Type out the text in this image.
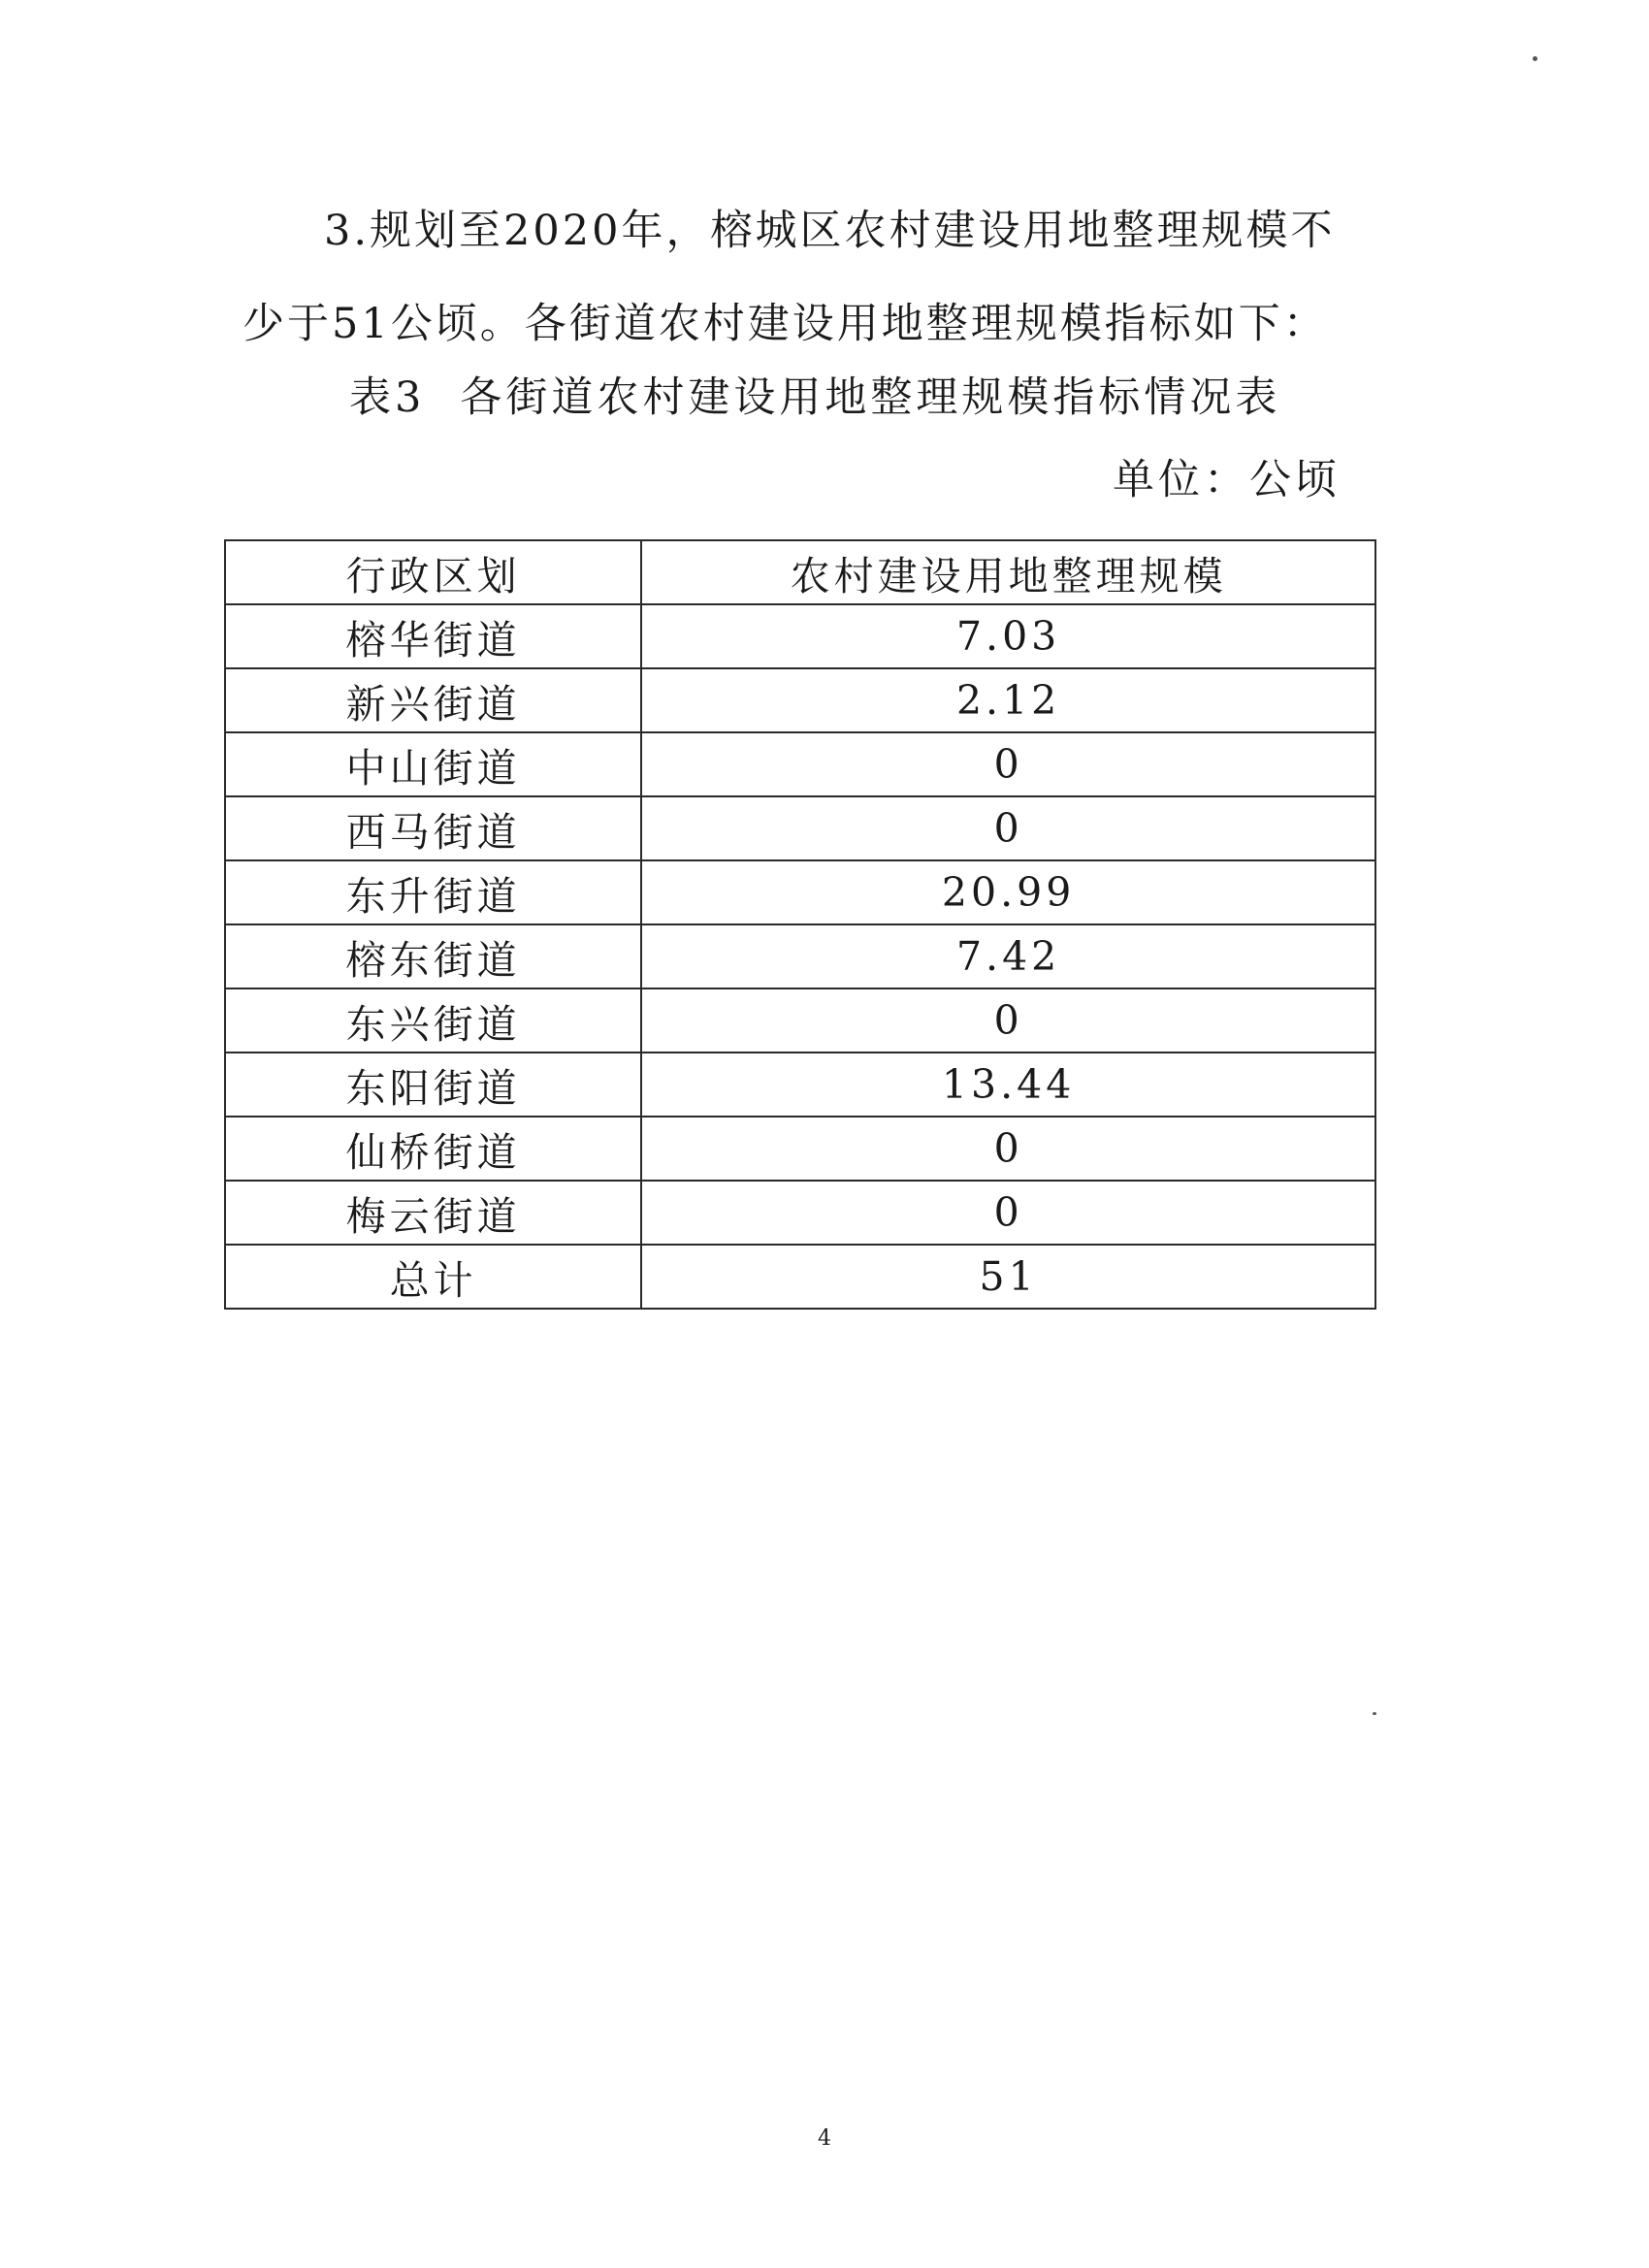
3.规划至2020年，榕城区农村建设用地整理规模不少于51公顷。各街道农村建设用地整理规模指标如下：

表3 各街道农村建设用地整理规模指标情况表

单位：公顷

行政区划	农村建设用地整理规模
榕华街道	7.03
新兴街道	2.12
中山街道	0
西马街道	0
东升街道	20.99
榕东街道	7.42
东兴街道	0
东阳街道	13.44
仙桥街道	0
梅云街道	0
总计	51

4
